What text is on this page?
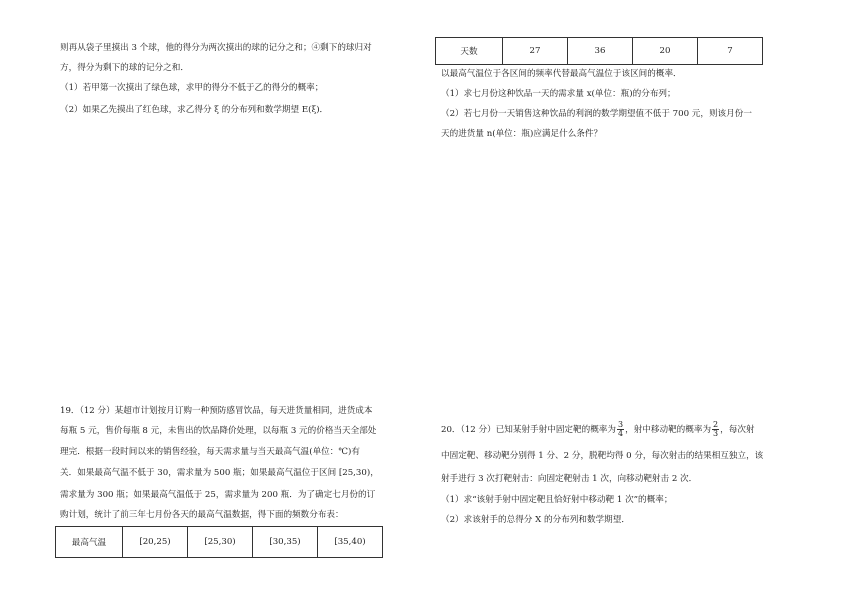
则再从袋子里摸出 3 个球，他的得分为两次摸出的球的记分之和；④剩下的球归对
方，得分为剩下的球的记分之和．
（1）若甲第一次摸出了绿色球，求甲的得分不低于乙的得分的概率；
（2）如果乙先摸出了红色球，求乙得分 ξ 的分布列和数学期望 E(ξ)．
天数	27	36	20	7
以最高气温位于各区间的频率代替最高气温位于该区间的概率．
（1）求七月份这种饮品一天的需求量 x(单位：瓶)的分布列；
（2）若七月份一天销售这种饮品的利润的数学期望值不低于 700 元，则该月份一
天的进货量 n(单位：瓶)应满足什么条件？
19．（12 分）某超市计划按月订购一种预防感冒饮品，每天进货量相同，进货成本
每瓶 5 元，售价每瓶 8 元，未售出的饮品降价处理，以每瓶 3 元的价格当天全部处
理完．根据一段时间以来的销售经验，每天需求量与当天最高气温(单位：℃)有
关．如果最高气温不低于 30，需求量为 500 瓶；如果最高气温位于区间 [25,30)，
需求量为 300 瓶；如果最高气温低于 25，需求量为 200 瓶．为了确定七月份的订
购计划，统计了前三年七月份各天的最高气温数据，得下面的频数分布表：
最高气温	[20,25)	[25,30)	[30,35)	[35,40)
20．（12 分）已知某射手射中固定靶的概率为 $\frac{3}{4}$ ，射中移动靶的概率为 $\frac{2}{3}$ ，每次射
中固定靶、移动靶分别得 1 分、2 分，脱靶均得 0 分，每次射击的结果相互独立，该
射手进行 3 次打靶射击：向固定靶射击 1 次，向移动靶射击 2 次．
（1）求“该射手射中固定靶且恰好射中移动靶 1 次”的概率；
（2）求该射手的总得分 X 的分布列和数学期望．
